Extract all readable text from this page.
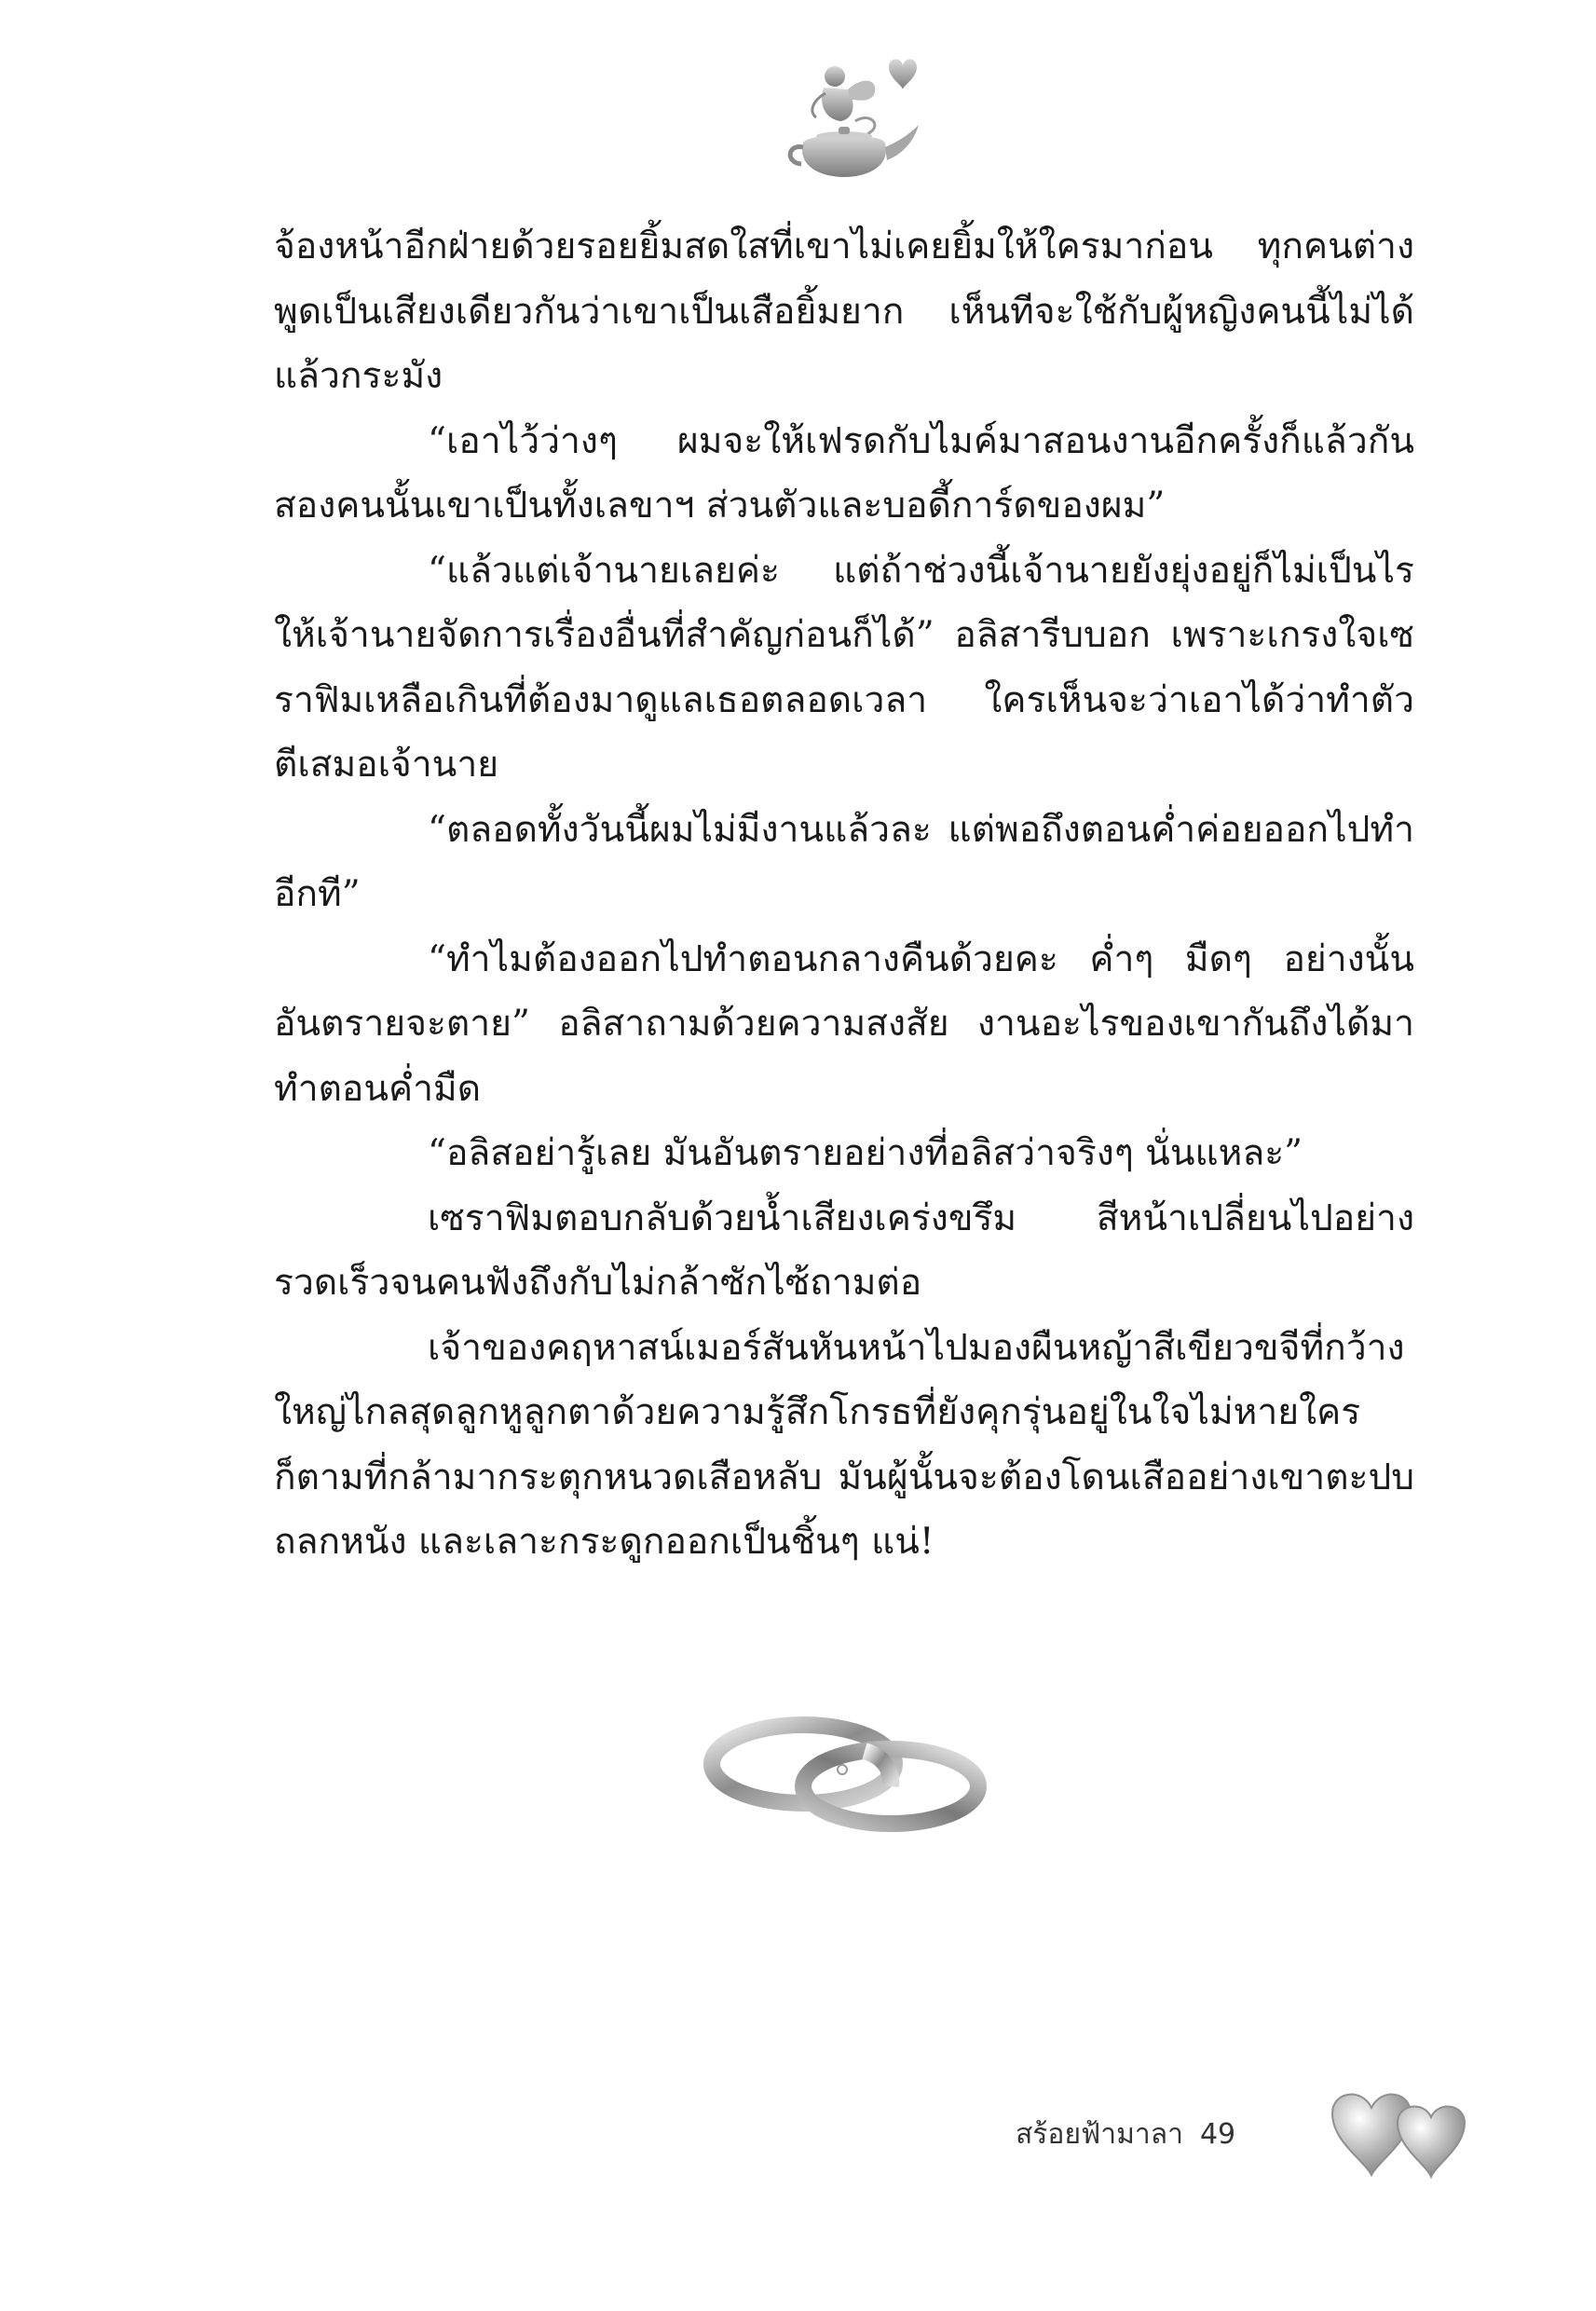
จ้องหน้าอีกฝ่ายด้วยรอยยิ้มสดใสที่เขาไม่เคยยิ้มให้ใครมาก่อน ทุกคนต่างพูดเป็นเสียงเดียวกันว่าเขาเป็นเสือยิ้มยาก เห็นทีจะใช้กับผู้หญิงคนนี้ไม่ได้แล้วกระมัง

“เอาไว้ว่างๆ ผมจะให้เฟรดกับไมค์มาสอนงานอีกครั้งก็แล้วกัน สองคนนั้นเขาเป็นทั้งเลขาฯ ส่วนตัวและบอดี้การ์ดของผม”

“แล้วแต่เจ้านายเลยค่ะ แต่ถ้าช่วงนี้เจ้านายยังยุ่งอยู่ก็ไม่เป็นไร ให้เจ้านายจัดการเรื่องอื่นที่สำคัญก่อนก็ได้” อลิสารีบบอก เพราะเกรงใจเซราฟิมเหลือเกินที่ต้องมาดูแลเธอตลอดเวลา ใครเห็นจะว่าเอาได้ว่าทำตัวตีเสมอเจ้านาย

“ตลอดทั้งวันนี้ผมไม่มีงานแล้วละ แต่พอถึงตอนค่ำค่อยออกไปทำอีกที”

“ทำไมต้องออกไปทำตอนกลางคืนด้วยคะ ค่ำๆ มืดๆ อย่างนั้นอันตรายจะตาย” อลิสาถามด้วยความสงสัย งานอะไรของเขากันถึงได้มาทำตอนค่ำมืด

“อลิสอย่ารู้เลย มันอันตรายอย่างที่อลิสว่าจริงๆ นั่นแหละ”

เซราฟิมตอบกลับด้วยน้ำเสียงเคร่งขรึม สีหน้าเปลี่ยนไปอย่างรวดเร็วจนคนฟังถึงกับไม่กล้าซักไซ้ถามต่อ

เจ้าของคฤหาสน์เมอร์สันหันหน้าไปมองผืนหญ้าสีเขียวขจีที่กว้างใหญ่ไกลสุดลูกหูลูกตาด้วยความรู้สึกโกรธที่ยังคุกรุ่นอยู่ในใจไม่หายใครก็ตามที่กล้ามากระตุกหนวดเสือหลับ มันผู้นั้นจะต้องโดนเสืออย่างเขาตะปบ ถลกหนัง และเลาะกระดูกออกเป็นชิ้นๆ แน่!

สร้อยฟ้ามาลา 49
